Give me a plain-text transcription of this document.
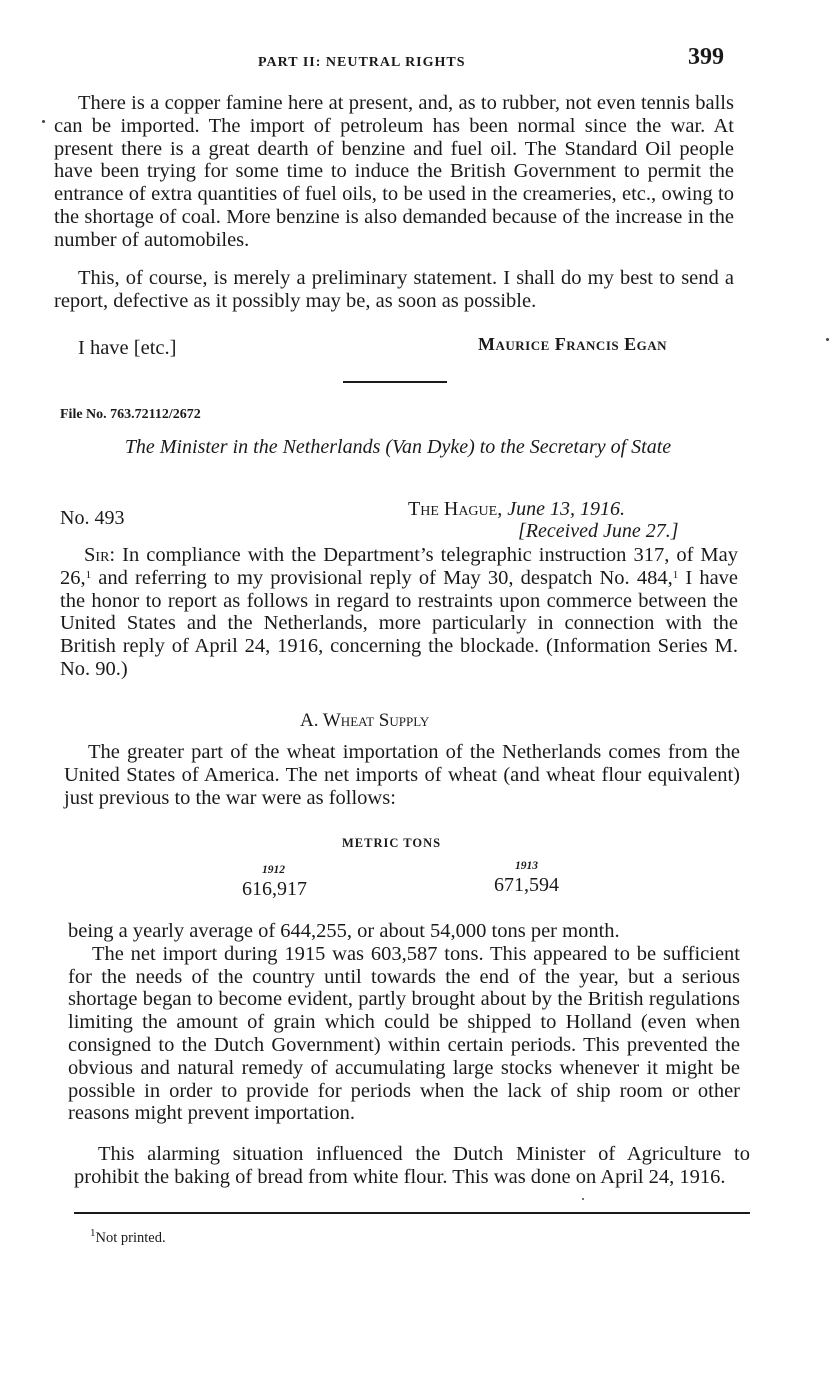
PART II: NEUTRAL RIGHTS	399

There is a copper famine here at present, and, as to rubber, not even tennis balls can be imported. The import of petroleum has been normal since the war. At present there is a great dearth of benzine and fuel oil. The Standard Oil people have been trying for some time to induce the British Government to permit the entrance of extra quantities of fuel oils, to be used in the creameries, etc., owing to the shortage of coal. More benzine is also demanded because of the increase in the number of automobiles.

This, of course, is merely a preliminary statement. I shall do my best to send a report, defective as it possibly may be, as soon as possible.

I have [etc.]	Maurice Francis Egan
File No. 763.72112/2672
The Minister in the Netherlands (Van Dyke) to the Secretary of State
No. 493	The Hague, June 13, 1916.
[Received June 27.]

Sir: In compliance with the Department’s telegraphic instruction 317, of May 26,$^1$ and referring to my provisional reply of May 30, despatch No. 484,$^1$ I have the honor to report as follows in regard to restraints upon commerce between the United States and the Netherlands, more particularly in connection with the British reply of April 24, 1916, concerning the blockade. (Information Series M. No. 90.)

A. Wheat Supply

The greater part of the wheat importation of the Netherlands comes from the United States of America. The net imports of wheat (and wheat flour equivalent) just previous to the war were as follows:

METRIC TONS
1912	1913
616,917	671,594
being a yearly average of 644,255, or about 54,000 tons per month.
The net import during 1915 was 603,587 tons. This appeared to be sufficient for the needs of the country until towards the end of the year, but a serious shortage began to become evident, partly brought about by the British regulations limiting the amount of grain which could be shipped to Holland (even when consigned to the Dutch Government) within certain periods. This prevented the obvious and natural remedy of accumulating large stocks whenever it might be possible in order to provide for periods when the lack of ship room or other reasons might prevent importation.

This alarming situation influenced the Dutch Minister of Agriculture to prohibit the baking of bread from white flour. This was done on April 24, 1916.

$^1$Not printed.
